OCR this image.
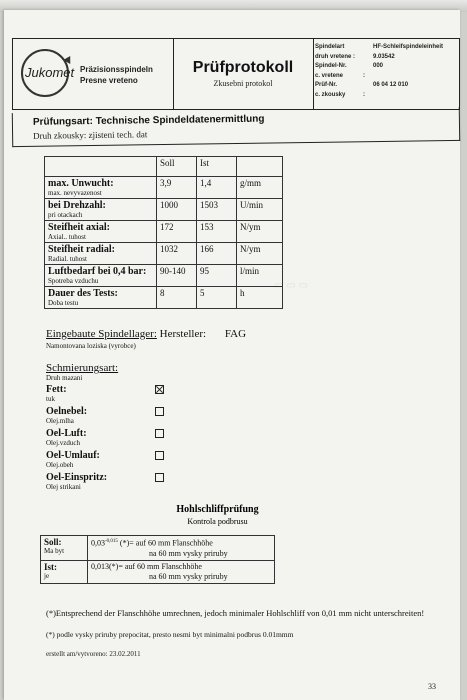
▭ ▭ ▭
Jukomet Präzisionsspindeln
Presne vreteno
Prüfprotokoll
Zkusebni protokol
Spindelart	HF-Schleifspindeleinheit
druh vretene :	9.03542
Spindel-Nr.	000
c. vretene	:
Prüf-Nr.	06 04 12 010
c. zkousky	:
Prüfungsart: Technische Spindeldatenermittlung
Druh zkousky: zjisteni tech. dat
	Soll	Ist	

max. Unwucht:
max. nevyvazenost	3,9	1,4	g/mm

bei Drehzahl:
pri otackach	1000	1503	U/min

Steifheit axial:
Axial.. tuhost	172	153	N/ym

Steifheit radial:
Radial. tuhost	1032	166	N/ym

Luftbedarf bei 0,4 bar:
Spotreba vzduchu	90-140	95	l/min

Dauer des Tests:
Doba testu	8	5	h
Eingebaute Spindellager: Hersteller: FAG
Namontovana loziska (vyrobce)
Schmierungsart:
Druh mazani
Fett:
tuk
Oelnebel:
Olej.mlha
Oel-Luft:
Olej.vzduch
Oel-Umlauf:
Olej.obeh
Oel-Einspritz:
Olej strikani
Hohlschliffprüfung
Kontrola podbrusu
Soll:
Ma byt	$0,03^{-0,015}$ (*)= auf 60 mm Flanschhöhe
na 60 mm vysky priruby

Ist:
je	0,013(*)= auf 60 mm Flanschhöhe
na 60 mm vysky priruby
(*)Entsprechend der Flanschhöhe umrechnen, jedoch minimaler Hohlschliff von 0,01 mm nicht unterschreiten!
(*) podle vysky priruby prepocitat, presto nesmi byt minimalni podbrus 0.01mmm
erstellt am/vytvoreno: 23.02.2011
33
